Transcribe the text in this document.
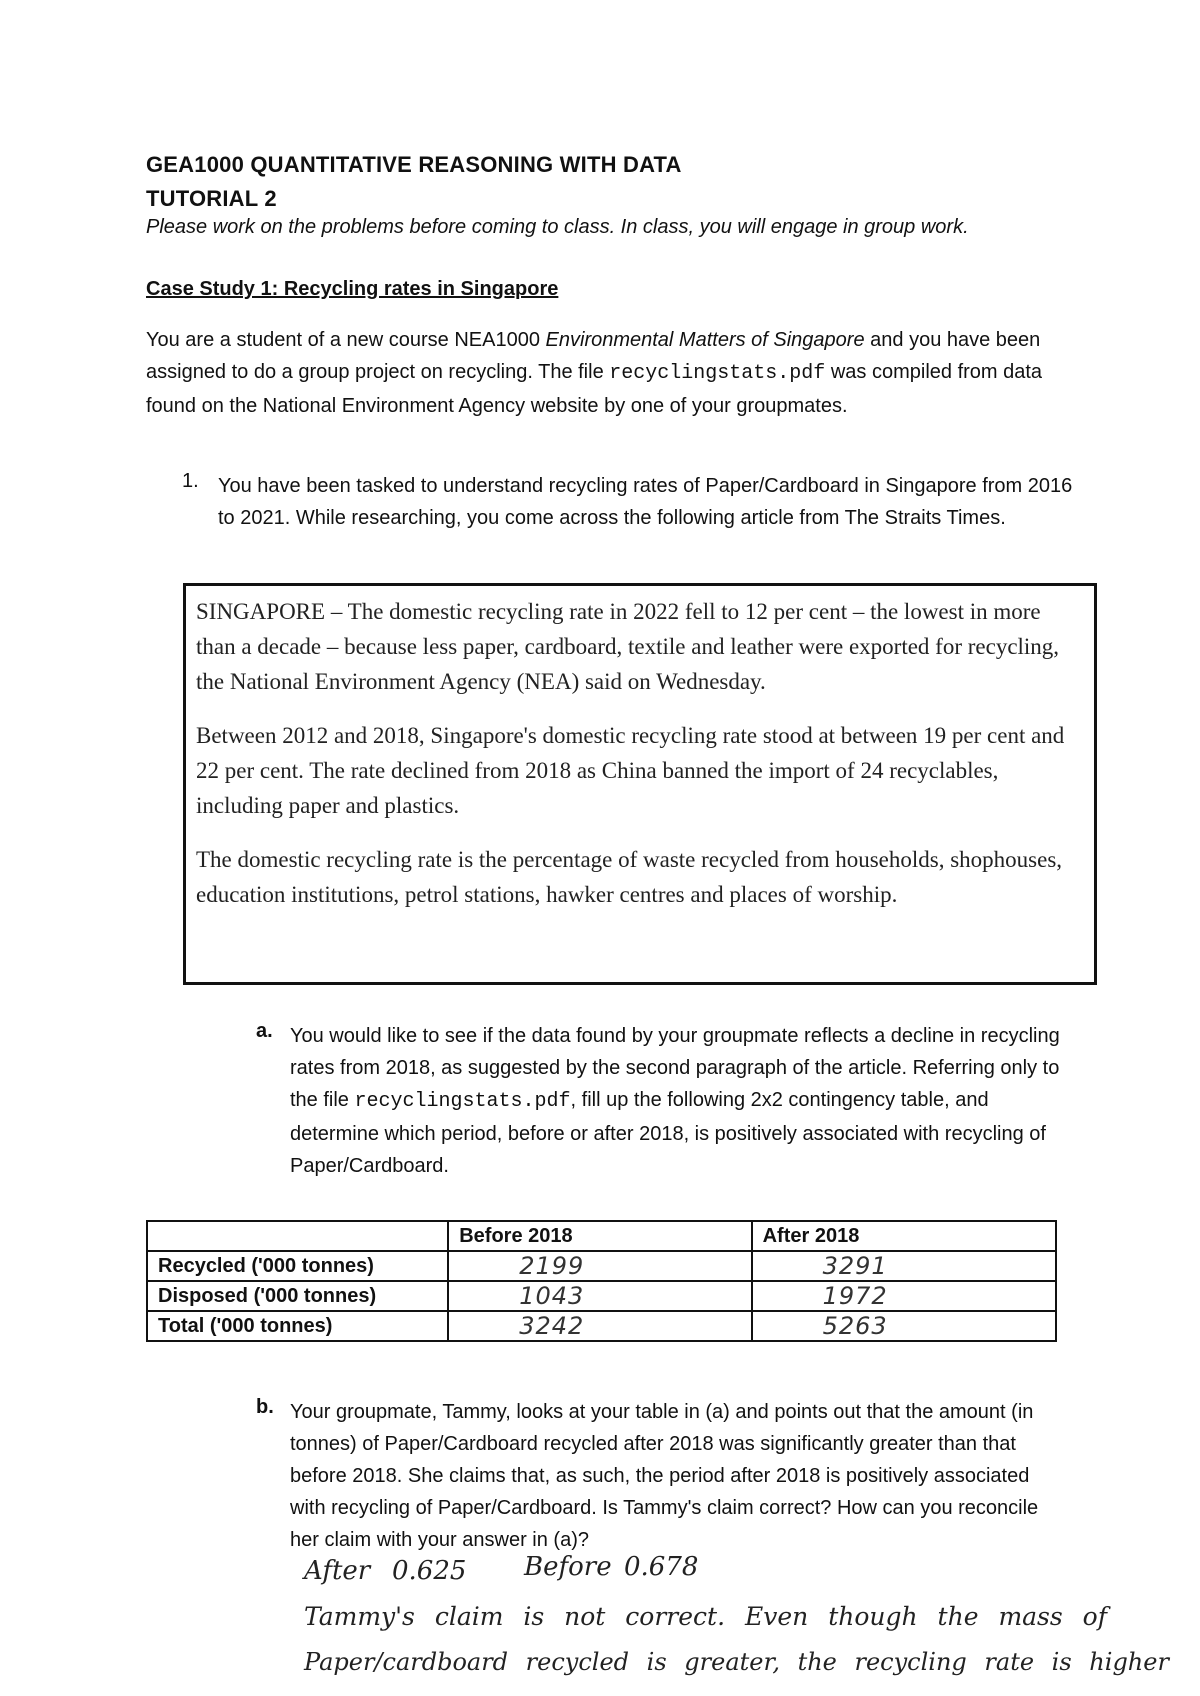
GEA1000 QUANTITATIVE REASONING WITH DATA
TUTORIAL 2
Please work on the problems before coming to class. In class, you will engage in group work.
Case Study 1: Recycling rates in Singapore
You are a student of a new course NEA1000 Environmental Matters of Singapore and you have been assigned to do a group project on recycling. The file recyclingstats.pdf was compiled from data found on the National Environment Agency website by one of your groupmates.
1. You have been tasked to understand recycling rates of Paper/Cardboard in Singapore from 2016 to 2021. While researching, you come across the following article from The Straits Times.

SINGAPORE – The domestic recycling rate in 2022 fell to 12 per cent – the lowest in more than a decade – because less paper, cardboard, textile and leather were exported for recycling, the National Environment Agency (NEA) said on Wednesday.

Between 2012 and 2018, Singapore's domestic recycling rate stood at between 19 per cent and 22 per cent. The rate declined from 2018 as China banned the import of 24 recyclables, including paper and plastics.

The domestic recycling rate is the percentage of waste recycled from households, shophouses, education institutions, petrol stations, hawker centres and places of worship.

a. You would like to see if the data found by your groupmate reflects a decline in recycling rates from 2018, as suggested by the second paragraph of the article. Referring only to the file recyclingstats.pdf, fill up the following 2x2 contingency table, and determine which period, before or after 2018, is positively associated with recycling of Paper/Cardboard.
	Before 2018	After 2018
Recycled ('000 tonnes)	2199	3291
Disposed ('000 tonnes)	1043	1972
Total ('000 tonnes)	3242	5263
b. Your groupmate, Tammy, looks at your table in (a) and points out that the amount (in tonnes) of Paper/Cardboard recycled after 2018 was significantly greater than that before 2018. She claims that, as such, the period after 2018 is positively associated with recycling of Paper/Cardboard. Is Tammy's claim correct? How can you reconcile her claim with your answer in (a)?
After 0.625 Before 0.678
Tammy's claim is not correct. Even though the mass of
Paper/cardboard recycled is greater, the recycling rate is higher
